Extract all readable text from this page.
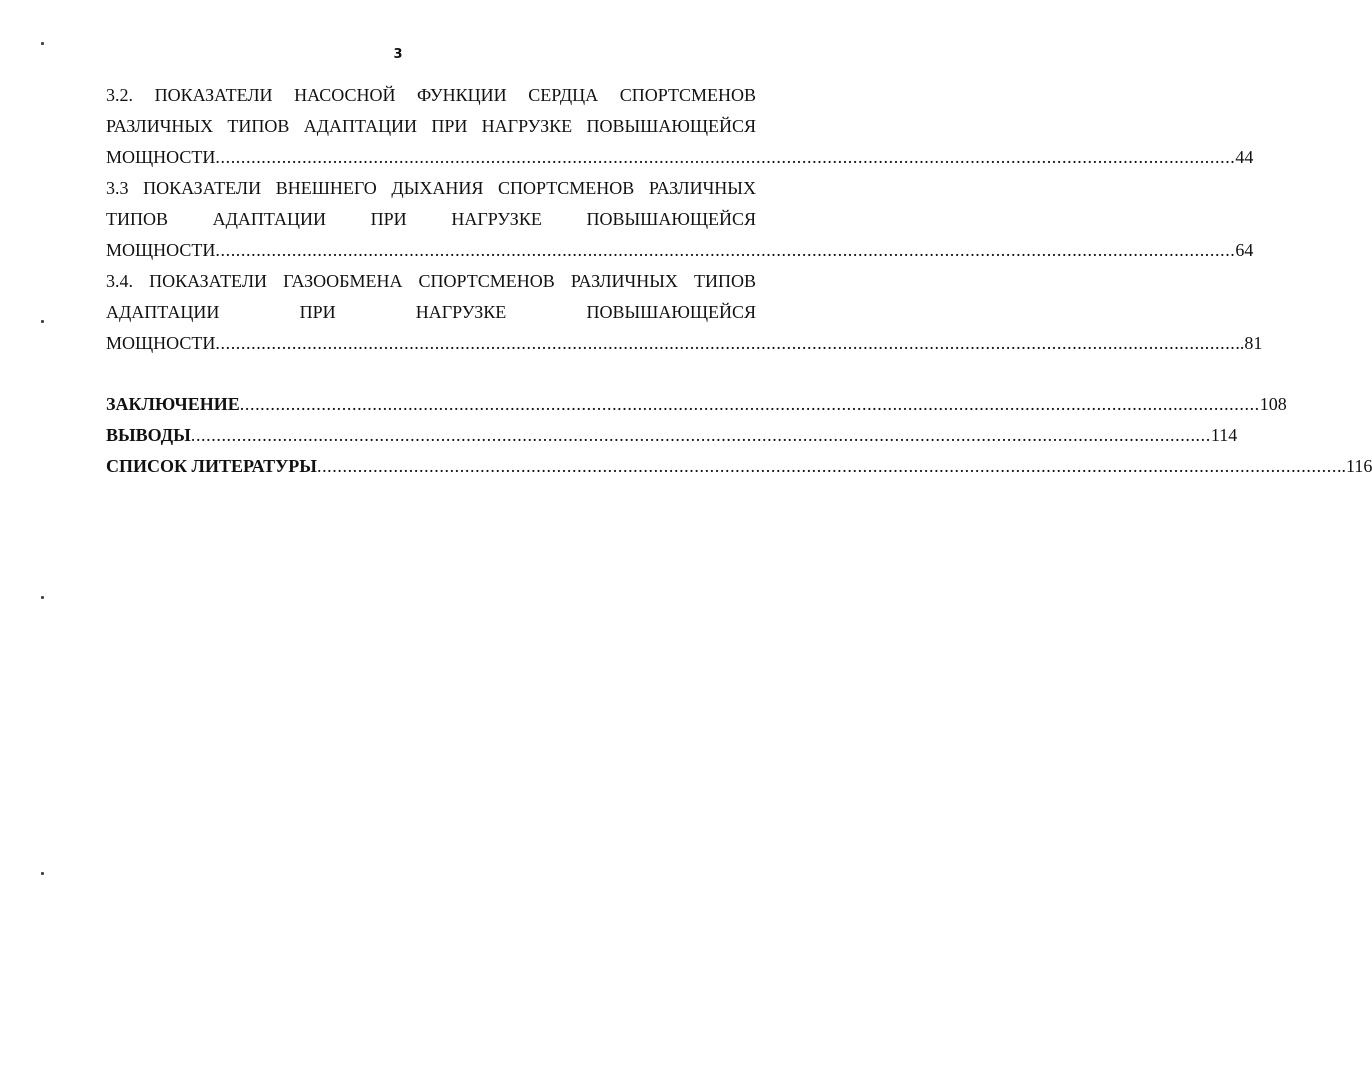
3
3.2. ПОКАЗАТЕЛИ НАСОСНОЙ ФУНКЦИИ СЕРДЦА СПОРТСМЕНОВ
РАЗЛИЧНЫХ ТИПОВ АДАПТАЦИИ ПРИ НАГРУЗКЕ ПОВЫШАЮЩЕЙСЯ
МОЩНОСТИ ........................................................................................................................................................................................................ 44
3.3 ПОКАЗАТЕЛИ ВНЕШНЕГО ДЫХАНИЯ СПОРТСМЕНОВ РАЗЛИЧНЫХ
ТИПОВ АДАПТАЦИИ ПРИ НАГРУЗКЕ ПОВЫШАЮЩЕЙСЯ
МОЩНОСТИ ........................................................................................................................................................................................................ 64
3.4. ПОКАЗАТЕЛИ ГАЗООБМЕНА СПОРТСМЕНОВ РАЗЛИЧНЫХ ТИПОВ
АДАПТАЦИИ ПРИ НАГРУЗКЕ ПОВЫШАЮЩЕЙСЯ
МОЩНОСТИ ........................................................................................................................................................................................................ ..81
ЗАКЛЮЧЕНИЕ ........................................................................................................................................................................................................ 108
ВЫВОДЫ ........................................................................................................................................................................................................ 114
СПИСОК ЛИТЕРАТУРЫ ........................................................................................................................................................................................................ ..116
